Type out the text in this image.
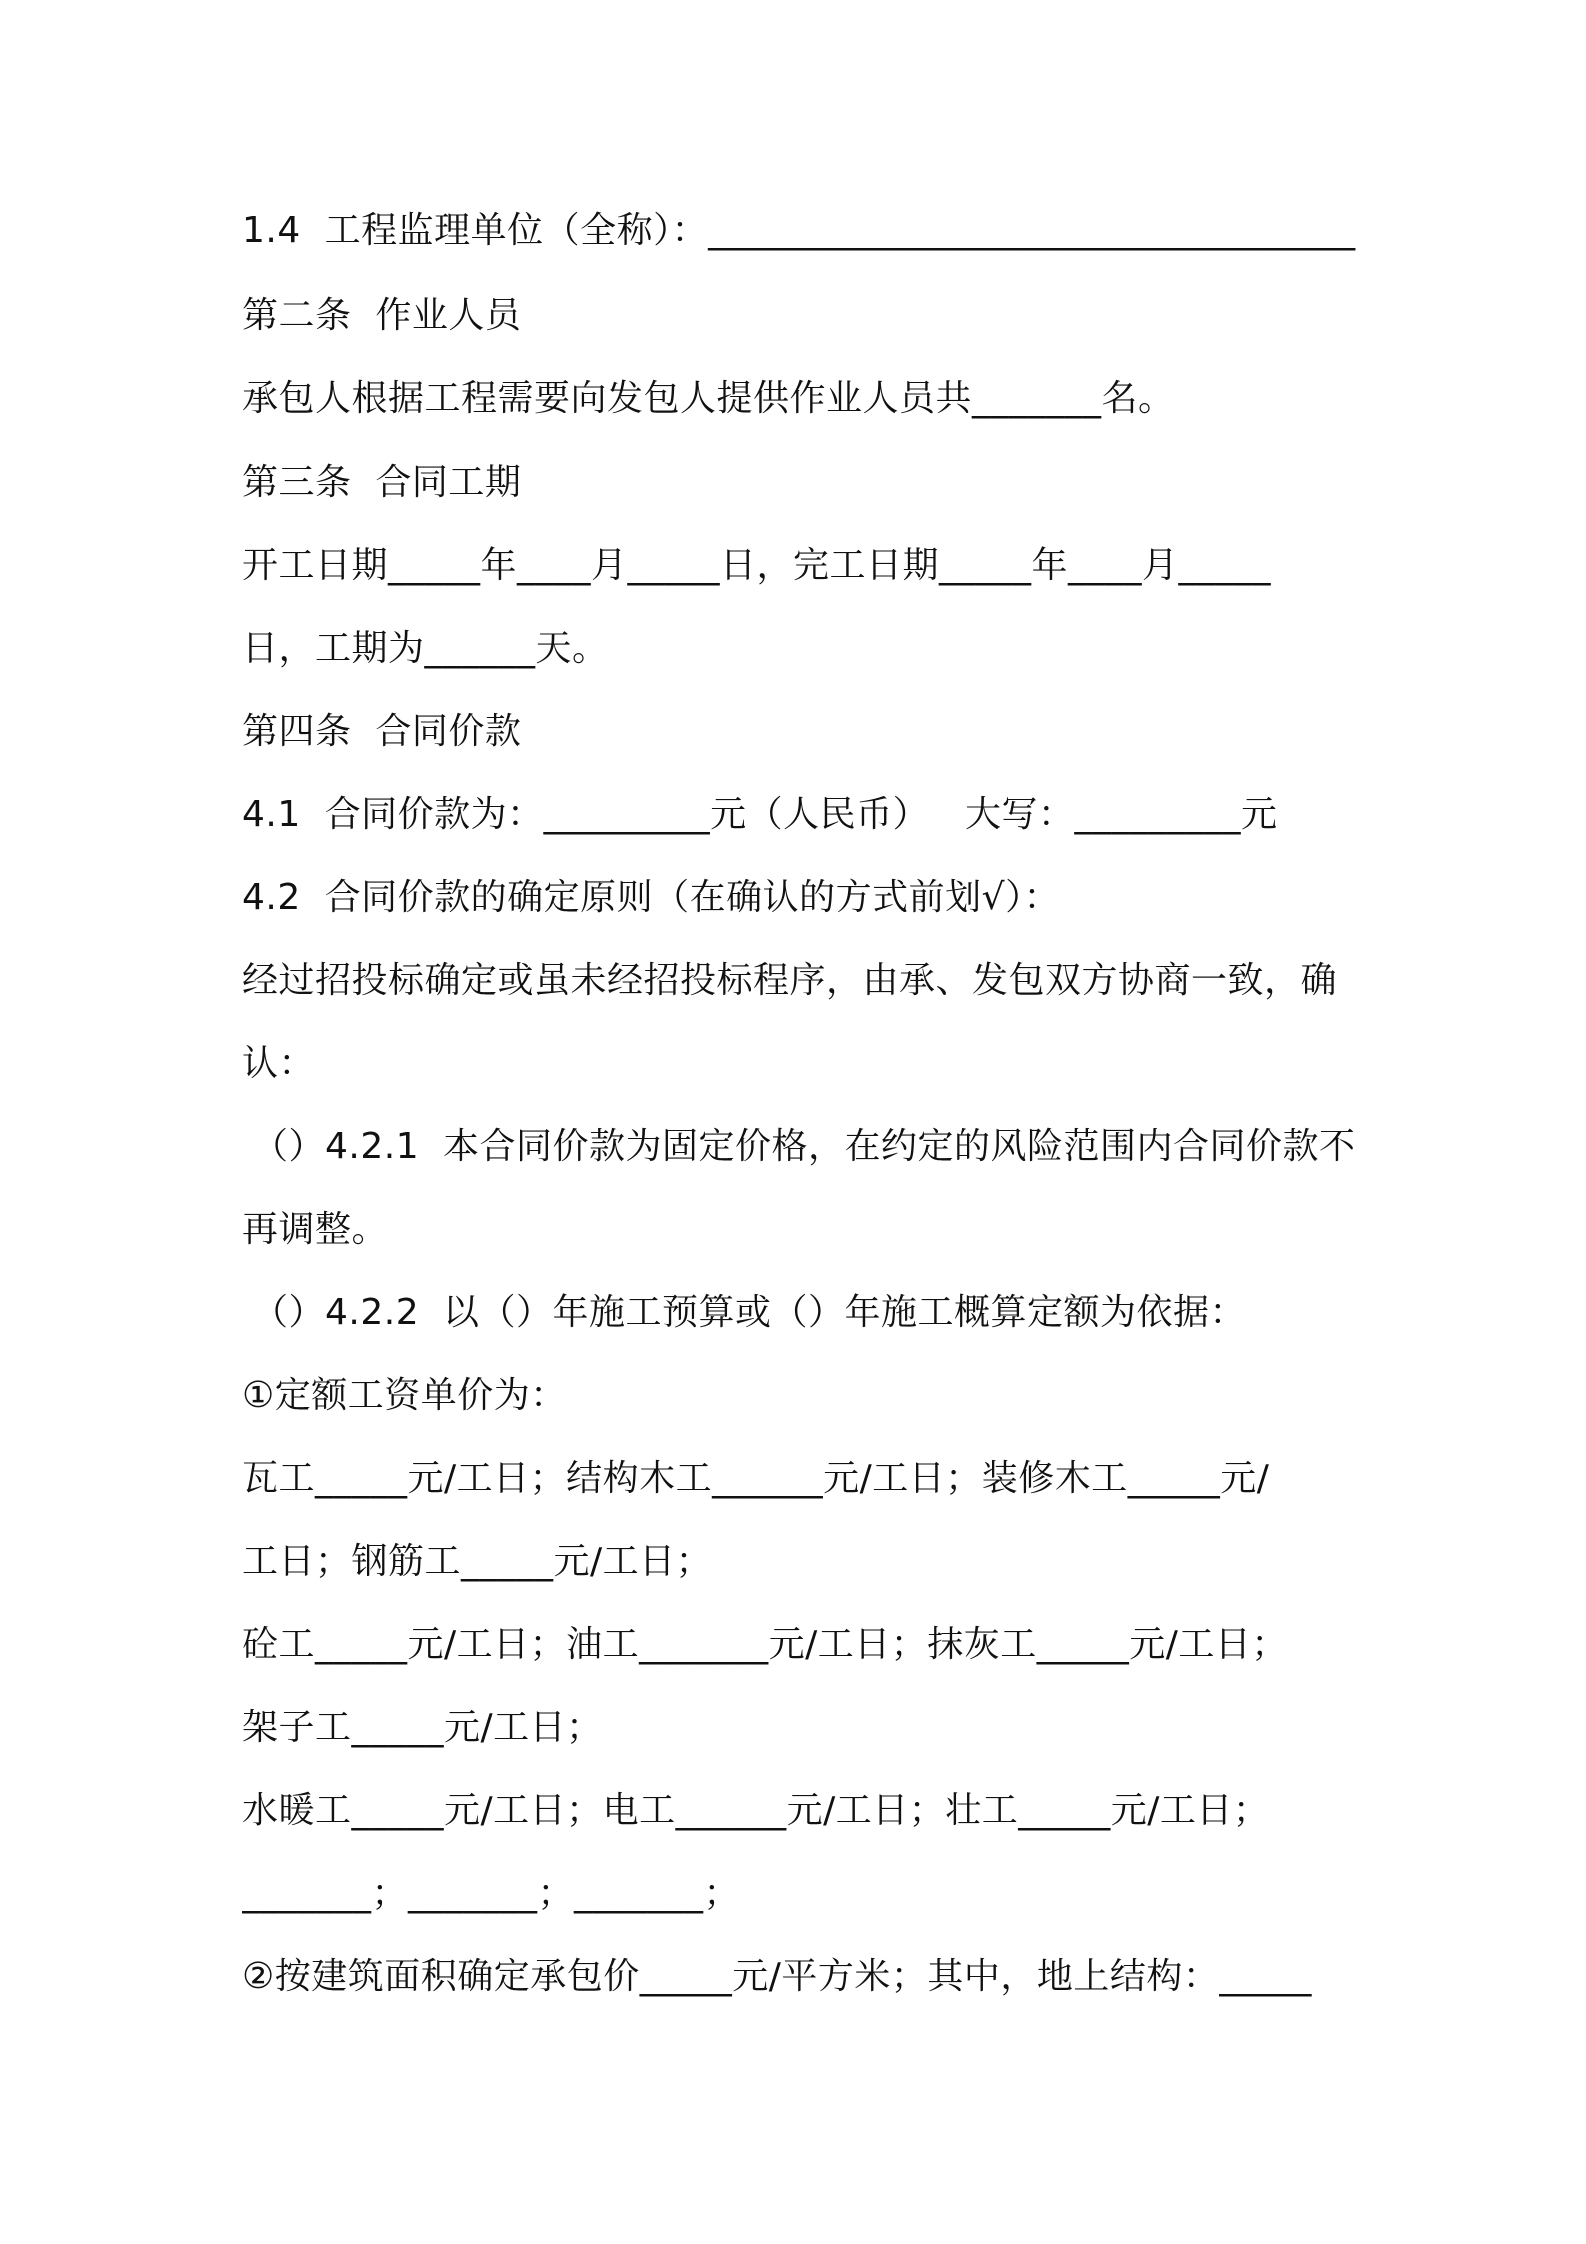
1.4  工程监理单位（全称）：___________________________________
第二条  作业人员
承包人根据工程需要向发包人提供作业人员共_______名。
第三条  合同工期
开工日期_____年____月_____日，完工日期_____年____月_____
日，工期为______天。
第四条  合同价款
4.1  合同价款为：_________元（人民币）   大写：_________元
4.2  合同价款的确定原则（在确认的方式前划√）：
经过招投标确定或虽未经招投标程序，由承、发包双方协商一致，确
认：
（）4.2.1  本合同价款为固定价格，在约定的风险范围内合同价款不
再调整。
（）4.2.2  以（）年施工预算或（）年施工概算定额为依据：
①定额工资单价为：
瓦工_____元/工日；结构木工______元/工日；装修木工_____元/
工日；钢筋工_____元/工日；
砼工_____元/工日；油工_______元/工日；抹灰工_____元/工日；
架子工_____元/工日；
水暖工_____元/工日；电工______元/工日；壮工_____元/工日；
_______；_______；_______；
②按建筑面积确定承包价_____元/平方米；其中，地上结构：_____
